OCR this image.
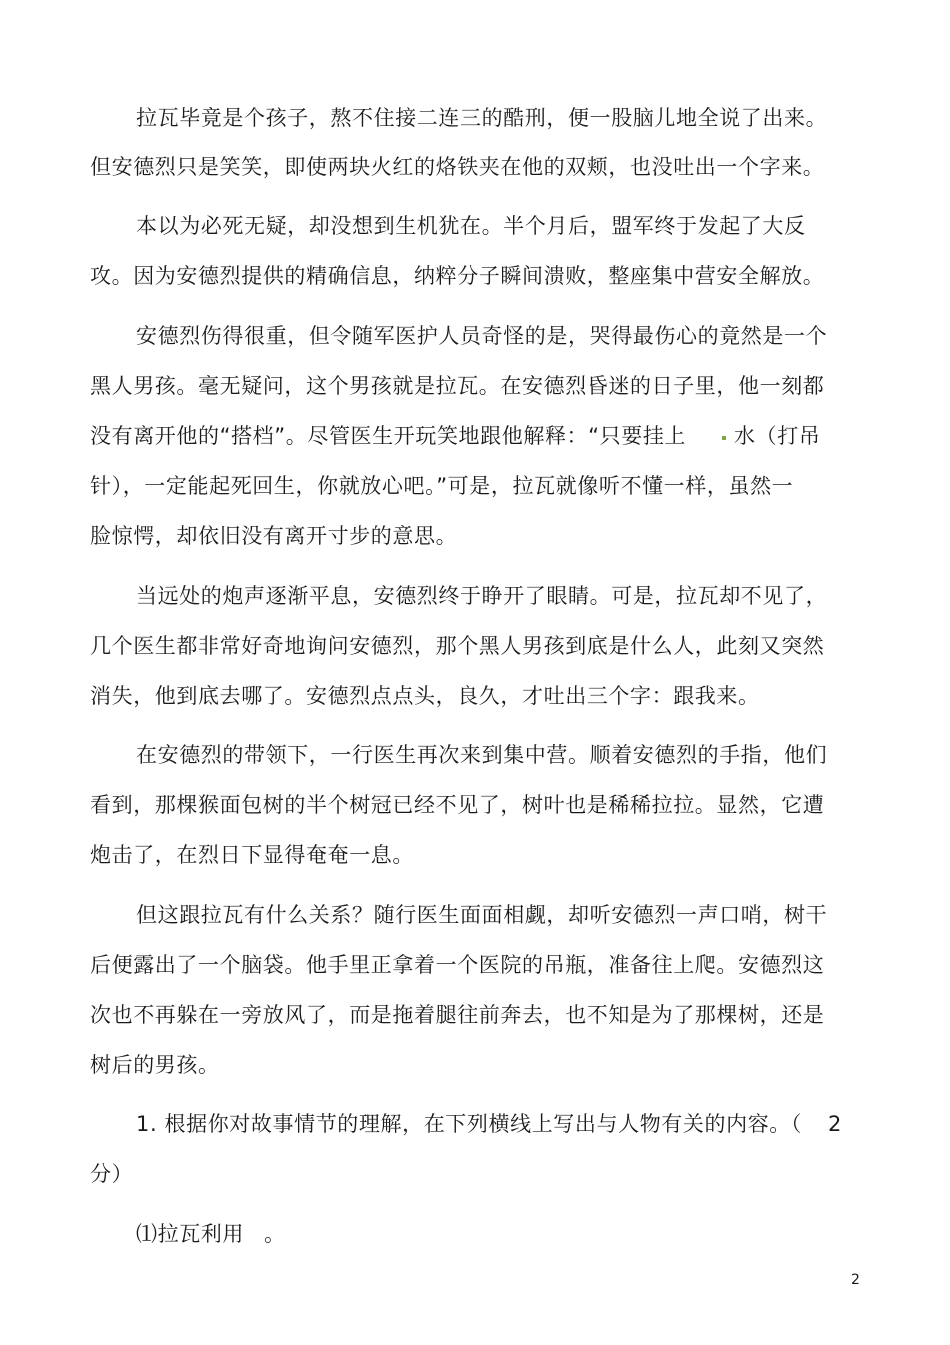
拉瓦毕竟是个孩子，熬不住接二连三的酷刑，便一股脑儿地全说了出来。
但安德烈只是笑笑，即使两块火红的烙铁夹在他的双颊，也没吐出一个字来。
本以为必死无疑，却没想到生机犹在。半个月后，盟军终于发起了大反
攻。因为安德烈提供的精确信息，纳粹分子瞬间溃败，整座集中营安全解放。
安德烈伤得很重，但令随军医护人员奇怪的是，哭得最伤心的竟然是一个
黑人男孩。毫无疑问，这个男孩就是拉瓦。在安德烈昏迷的日子里，他一刻都
没有离开他的“搭档”。尽管医生开玩笑地跟他解释：“只要挂上 水（打吊
针），一定能起死回生，你就放心吧。”可是，拉瓦就像听不懂一样，虽然一
脸惊愕，却依旧没有离开寸步的意思。
当远处的炮声逐渐平息，安德烈终于睁开了眼睛。可是，拉瓦却不见了，
几个医生都非常好奇地询问安德烈，那个黑人男孩到底是什么人，此刻又突然
消失，他到底去哪了。安德烈点点头，良久，才吐出三个字：跟我来。
在安德烈的带领下，一行医生再次来到集中营。顺着安德烈的手指，他们
看到，那棵猴面包树的半个树冠已经不见了，树叶也是稀稀拉拉。显然，它遭
炮击了，在烈日下显得奄奄一息。
但这跟拉瓦有什么关系？随行医生面面相觑，却听安德烈一声口哨，树干
后便露出了一个脑袋。他手里正拿着一个医院的吊瓶，准备往上爬。安德烈这
次也不再躲在一旁放风了，而是拖着腿往前奔去，也不知是为了那棵树，还是
树后的男孩。
1. 根据你对故事情节的理解，在下列横线上写出与人物有关的内容。（ 2
分）
⑴拉瓦利用 。
2
